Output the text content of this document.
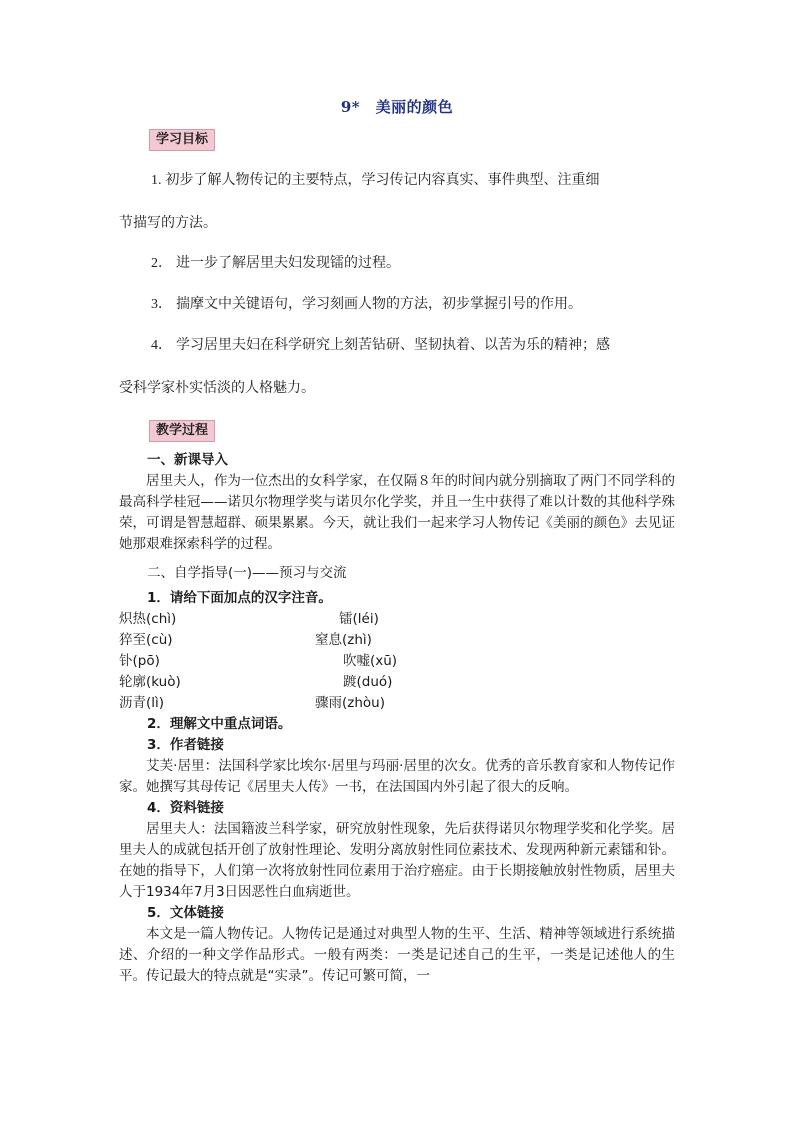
9*　美丽的颜色
学习目标
1. 初步了解人物传记的主要特点，学习传记内容真实、事件典型、注重细
节描写的方法。
2． 进一步了解居里夫妇发现镭的过程。
3． 揣摩文中关键语句，学习刻画人物的方法，初步掌握引号的作用。
4． 学习居里夫妇在科学研究上刻苦钻研、坚韧执着、以苦为乐的精神；感
受科学家朴实恬淡的人格魅力。
教学过程

一、新课导入

居里夫人，作为一位杰出的女科学家，在仅隔８年的时间内就分别摘取了两门不同学科的最高科学桂冠——诺贝尔物理学奖与诺贝尔化学奖，并且一生中获得了难以计数的其他科学殊荣，可谓是智慧超群、硕果累累。今天，就让我们一起来学习人物传记《美丽的颜色》去见证她那艰难探索科学的过程。

二、自学指导(一)——预习与交流

1．请给下面加点的汉字注音。

炽热(chì)	镭(léi)
猝至(cù)	窒息(zhì)
钋(pō)	吹嘘(xū)
轮廓(kuò)	踱(duó)
沥青(lì)	骤雨(zhòu)

2．理解文中重点词语。

3．作者链接

艾芙·居里：法国科学家比埃尔·居里与玛丽·居里的次女。优秀的音乐教育家和人物传记作家。她撰写其母传记《居里夫人传》一书，在法国国内外引起了很大的反响。

4．资料链接

居里夫人：法国籍波兰科学家，研究放射性现象，先后获得诺贝尔物理学奖和化学奖。居里夫人的成就包括开创了放射性理论、发明分离放射性同位素技术、发现两种新元素镭和钋。在她的指导下，人们第一次将放射性同位素用于治疗癌症。由于长期接触放射性物质，居里夫人于1934年7月3日因恶性白血病逝世。

5．文体链接

本文是一篇人物传记。人物传记是通过对典型人物的生平、生活、精神等领域进行系统描述、介绍的一种文学作品形式。一般有两类：一类是记述自己的生平，一类是记述他人的生平。传记最大的特点就是“实录”。传记可繁可简，一
